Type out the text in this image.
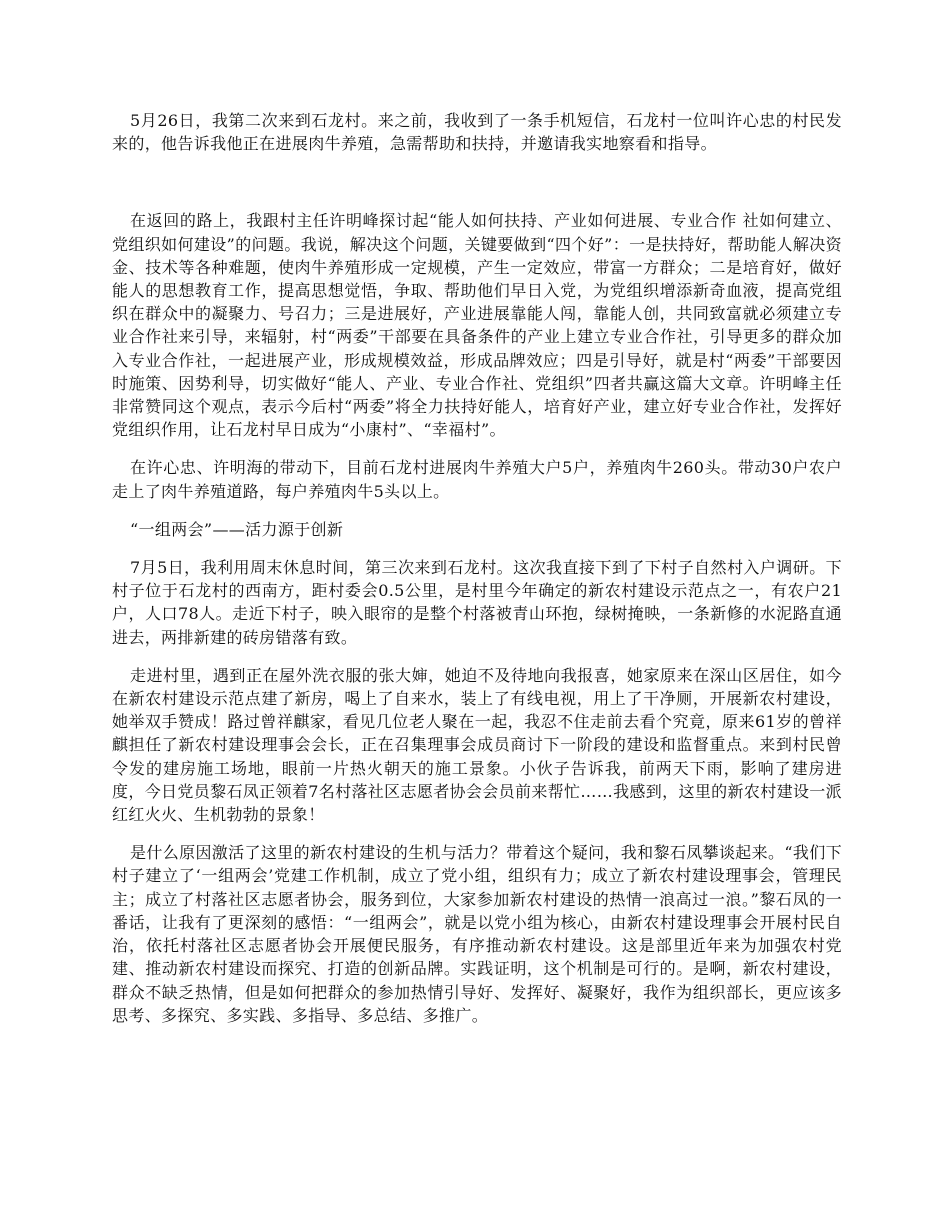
5月26日，我第二次来到石龙村。来之前，我收到了一条手机短信，石龙村一位叫许心忠的村民发来的，他告诉我他正在进展肉牛养殖，急需帮助和扶持，并邀请我实地察看和指导。

在返回的路上，我跟村主任许明峰探讨起“能人如何扶持、产业如何进展、专业合作 社如何建立、党组织如何建设”的问题。我说，解决这个问题，关键要做到“四个好”：一是扶持好，帮助能人解决资金、技术等各种难题，使肉牛养殖形成一定规模，产生一定效应，带富一方群众；二是培育好，做好能人的思想教育工作，提高思想觉悟，争取、帮助他们早日入党，为党组织增添新奇血液，提高党组织在群众中的凝聚力、号召力；三是进展好，产业进展靠能人闯，靠能人创，共同致富就必须建立专业合作社来引导，来辐射，村“两委”干部要在具备条件的产业上建立专业合作社，引导更多的群众加入专业合作社，一起进展产业，形成规模效益，形成品牌效应；四是引导好，就是村“两委”干部要因时施策、因势利导，切实做好“能人、产业、专业合作社、党组织”四者共赢这篇大文章。许明峰主任非常赞同这个观点，表示今后村“两委”将全力扶持好能人，培育好产业，建立好专业合作社，发挥好党组织作用，让石龙村早日成为“小康村”、“幸福村”。

在许心忠、许明海的带动下，目前石龙村进展肉牛养殖大户5户，养殖肉牛260头。带动30户农户走上了肉牛养殖道路，每户养殖肉牛5头以上。

“一组两会”——活力源于创新

7月5日，我利用周末休息时间，第三次来到石龙村。这次我直接下到了下村子自然村入户调研。下村子位于石龙村的西南方，距村委会0.5公里，是村里今年确定的新农村建设示范点之一，有农户21户，人口78人。走近下村子，映入眼帘的是整个村落被青山环抱，绿树掩映，一条新修的水泥路直通进去，两排新建的砖房错落有致。

走进村里，遇到正在屋外洗衣服的张大婶，她迫不及待地向我报喜，她家原来在深山区居住，如今在新农村建设示范点建了新房，喝上了自来水，装上了有线电视，用上了干净厕，开展新农村建设，她举双手赞成！路过曾祥麒家，看见几位老人聚在一起，我忍不住走前去看个究竟，原来61岁的曾祥麒担任了新农村建设理事会会长，正在召集理事会成员商讨下一阶段的建设和监督重点。来到村民曾令发的建房施工场地，眼前一片热火朝天的施工景象。小伙子告诉我，前两天下雨，影响了建房进度，今日党员黎石凤正领着7名村落社区志愿者协会会员前来帮忙……我感到，这里的新农村建设一派红红火火、生机勃勃的景象！

是什么原因激活了这里的新农村建设的生机与活力？带着这个疑问，我和黎石凤攀谈起来。“我们下村子建立了‘一组两会’党建工作机制，成立了党小组，组织有力；成立了新农村建设理事会，管理民主；成立了村落社区志愿者协会，服务到位，大家参加新农村建设的热情一浪高过一浪。”黎石凤的一番话，让我有了更深刻的感悟：“一组两会”，就是以党小组为核心，由新农村建设理事会开展村民自治，依托村落社区志愿者协会开展便民服务，有序推动新农村建设。这是部里近年来为加强农村党建、推动新农村建设而探究、打造的创新品牌。实践证明，这个机制是可行的。是啊，新农村建设，群众不缺乏热情，但是如何把群众的参加热情引导好、发挥好、凝聚好，我作为组织部长，更应该多思考、多探究、多实践、多指导、多总结、多推广。
